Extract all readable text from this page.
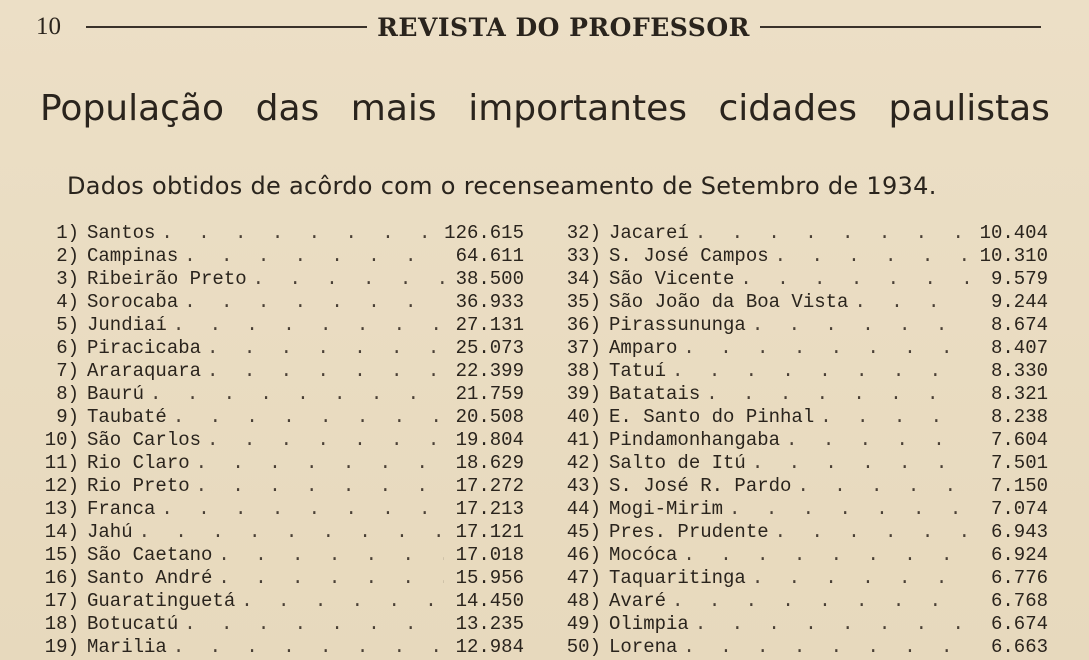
10	REVISTA DO PROFESSOR
População das mais importantes cidades paulistas
Dados obtidos de acôrdo com o recenseamento de Setembro de 1934.
1) Santos . . .	126.615
2) Campinas . . .	64.611
3) Ribeirão Preto . . .	38.500
4) Sorocaba . . .	36.933
5) Jundiaí . . .	27.131
6) Piracicaba . . .	25.073
7) Araraquara . . .	22.399
8) Baurú . . .	21.759
9) Taubaté . . .	20.508
10) São Carlos . . .	19.804
11) Rio Claro . . .	18.629
12) Rio Preto . . .	17.272
13) Franca . . .	17.213
14) Jahú . . .	17.121
15) São Caetano . . .	17.018
16) Santo André . . .	15.956
17) Guaratinguetá . . .	14.450
18) Botucatú . . .	13.235
19) Marilia . . .	12.984
32) Jacareí . . .	10.404
33) S. José Campos . . .	10.310
34) São Vicente . . .	9.579
35) São João da Boa Vista . . .	9.244
36) Pirassununga . . .	8.674
37) Amparo . . .	8.407
38) Tatuí . . .	8.330
39) Batatais . . .	8.321
40) E. Santo do Pinhal . . .	8.238
41) Pindamonhangaba . . .	7.604
42) Salto de Itú . . .	7.501
43) S. José R. Pardo . . .	7.150
44) Mogi-Mirim . . .	7.074
45) Pres. Prudente . . .	6.943
46) Mocóca . . .	6.924
47) Taquaritinga . . .	6.776
48) Avaré . . .	6.768
49) Olimpia . . .	6.674
50) Lorena . . .	6.663
